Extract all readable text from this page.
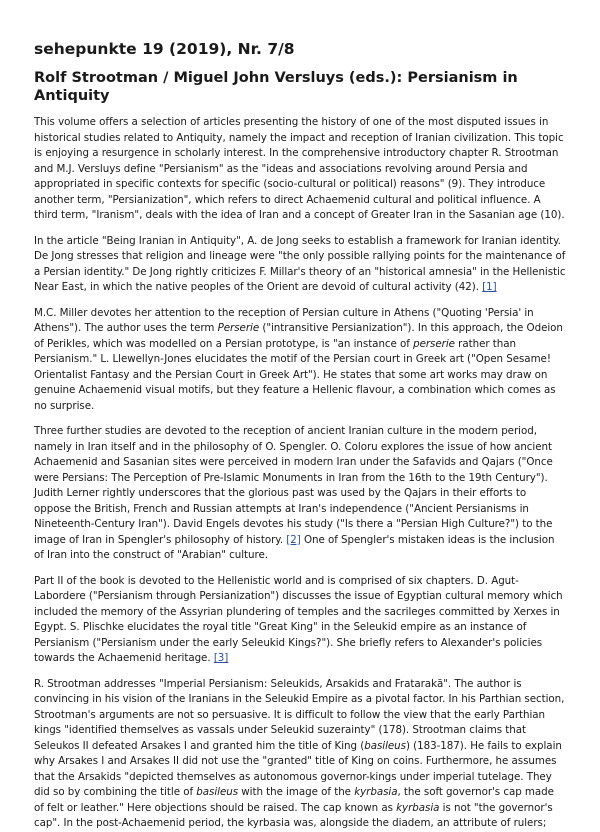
sehepunkte 19 (2019), Nr. 7/8
Rolf Strootman / Miguel John Versluys (eds.): Persianism in Antiquity

This volume offers a selection of articles presenting the history of one of the most disputed issues in historical studies related to Antiquity, namely the impact and reception of Iranian civilization. This topic is enjoying a resurgence in scholarly interest. In the comprehensive introductory chapter R. Strootman and M.J. Versluys define "Persianism" as the "ideas and associations revolving around Persia and appropriated in specific contexts for specific (socio-cultural or political) reasons" (9). They introduce another term, "Persianization", which refers to direct Achaemenid cultural and political influence. A third term, "Iranism", deals with the idea of Iran and a concept of Greater Iran in the Sasanian age (10).

In the article "Being Iranian in Antiquity", A. de Jong seeks to establish a framework for Iranian identity. De Jong stresses that religion and lineage were "the only possible rallying points for the maintenance of a Persian identity." De Jong rightly criticizes F. Millar's theory of an "historical amnesia" in the Hellenistic Near East, in which the native peoples of the Orient are devoid of cultural activity (42). [1]

M.C. Miller devotes her attention to the reception of Persian culture in Athens ("Quoting 'Persia' in Athens"). The author uses the term Perserie ("intransitive Persianization"). In this approach, the Odeion of Perikles, which was modelled on a Persian prototype, is "an instance of perserie rather than Persianism." L. Llewellyn-Jones elucidates the motif of the Persian court in Greek art ("Open Sesame! Orientalist Fantasy and the Persian Court in Greek Art"). He states that some art works may draw on genuine Achaemenid visual motifs, but they feature a Hellenic flavour, a combination which comes as no surprise.

Three further studies are devoted to the reception of ancient Iranian culture in the modern period, namely in Iran itself and in the philosophy of O. Spengler. O. Coloru explores the issue of how ancient Achaemenid and Sasanian sites were perceived in modern Iran under the Safavids and Qajars ("Once were Persians: The Perception of Pre-Islamic Monuments in Iran from the 16th to the 19th Century"). Judith Lerner rightly underscores that the glorious past was used by the Qajars in their efforts to oppose the British, French and Russian attempts at Iran's independence ("Ancient Persianisms in Nineteenth-Century Iran"). David Engels devotes his study ("Is there a "Persian High Culture?") to the image of Iran in Spengler's philosophy of history. [2] One of Spengler's mistaken ideas is the inclusion of Iran into the construct of "Arabian" culture.

Part II of the book is devoted to the Hellenistic world and is comprised of six chapters. D. Agut-Labordere ("Persianism through Persianization") discusses the issue of Egyptian cultural memory which included the memory of the Assyrian plundering of temples and the sacrileges committed by Xerxes in Egypt. S. Plischke elucidates the royal title "Great King" in the Seleukid empire as an instance of Persianism ("Persianism under the early Seleukid Kings?"). She briefly refers to Alexander's policies towards the Achaemenid heritage. [3]

R. Strootman addresses "Imperial Persianism: Seleukids, Arsakids and Fratarakā". The author is convincing in his vision of the Iranians in the Seleukid Empire as a pivotal factor. In his Parthian section, Strootman's arguments are not so persuasive. It is difficult to follow the view that the early Parthian kings "identified themselves as vassals under Seleukid suzerainty" (178). Strootman claims that Seleukos II defeated Arsakes I and granted him the title of King (basileus) (183-187). He fails to explain why Arsakes I and Arsakes II did not use the "granted" title of King on coins. Furthermore, he assumes that the Arsakids "depicted themselves as autonomous governor-kings under imperial tutelage. They did so by combining the title of basileus with the image of the kyrbasia, the soft governor's cap made of felt or leather." Here objections should be raised. The cap known as kyrbasia is not "the governor's cap". In the post-Achaemenid period, the kyrbasia was, alongside the diadem, an attribute of rulers;
